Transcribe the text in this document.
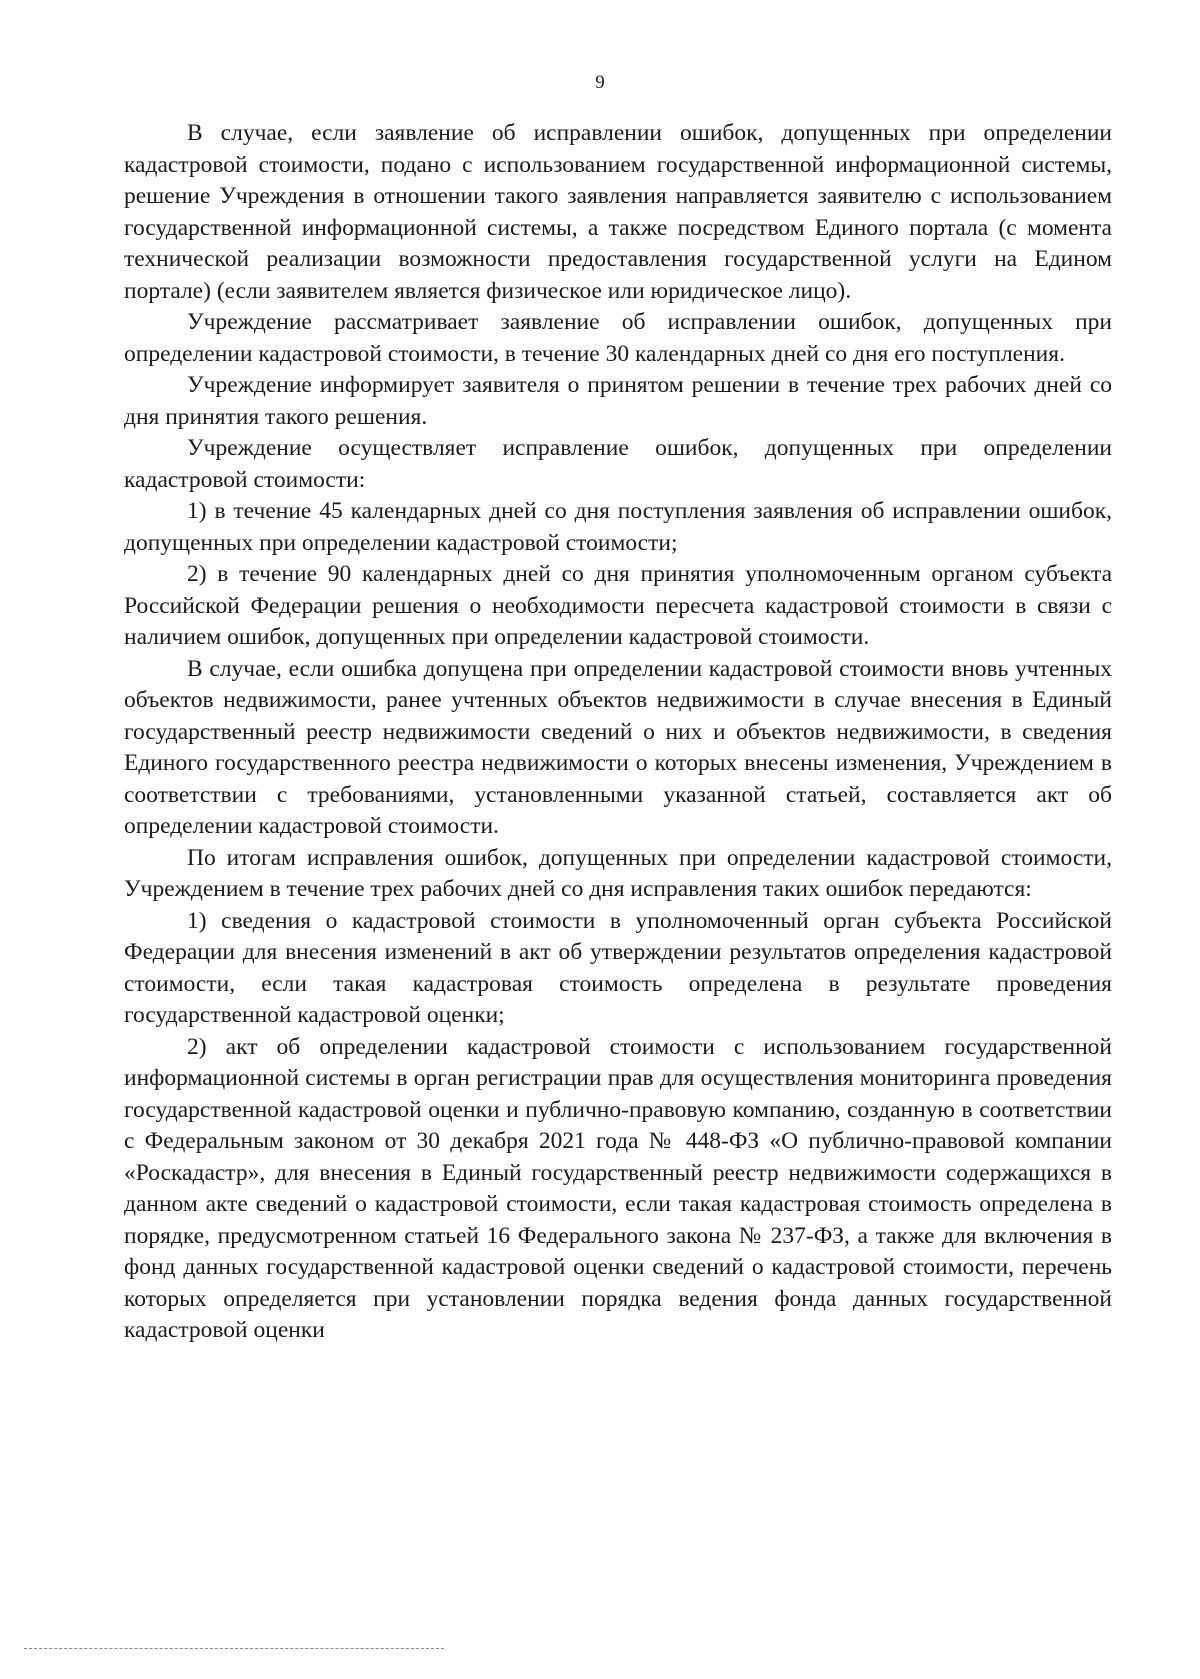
9

В случае, если заявление об исправлении ошибок, допущенных при определении кадастровой стоимости, подано с использованием государственной информационной системы, решение Учреждения в отношении такого заявления направляется заявителю с использованием государственной информационной системы, а также посредством Единого портала (с момента технической реализации возможности предоставления государственной услуги на Едином портале) (если заявителем является физическое или юридическое лицо).

Учреждение рассматривает заявление об исправлении ошибок, допущенных при определении кадастровой стоимости, в течение 30 календарных дней со дня его поступления.

Учреждение информирует заявителя о принятом решении в течение трех рабочих дней со дня принятия такого решения.

Учреждение осуществляет исправление ошибок, допущенных при определении кадастровой стоимости:

1) в течение 45 календарных дней со дня поступления заявления об исправлении ошибок, допущенных при определении кадастровой стоимости;

2) в течение 90 календарных дней со дня принятия уполномоченным органом субъекта Российской Федерации решения о необходимости пересчета кадастровой стоимости в связи с наличием ошибок, допущенных при определении кадастровой стоимости.

В случае, если ошибка допущена при определении кадастровой стоимости вновь учтенных объектов недвижимости, ранее учтенных объектов недвижимости в случае внесения в Единый государственный реестр недвижимости сведений о них и объектов недвижимости, в сведения Единого государственного реестра недвижимости о которых внесены изменения, Учреждением в соответствии с требованиями, установленными указанной статьей, составляется акт об определении кадастровой стоимости.

По итогам исправления ошибок, допущенных при определении кадастровой стоимости, Учреждением в течение трех рабочих дней со дня исправления таких ошибок передаются:

1) сведения о кадастровой стоимости в уполномоченный орган субъекта Российской Федерации для внесения изменений в акт об утверждении результатов определения кадастровой стоимости, если такая кадастровая стоимость определена в результате проведения государственной кадастровой оценки;

2) акт об определении кадастровой стоимости с использованием государственной информационной системы в орган регистрации прав для осуществления мониторинга проведения государственной кадастровой оценки и публично-правовую компанию, созданную в соответствии с Федеральным законом от 30 декабря 2021 года № 448-ФЗ «О публично-правовой компании «Роскадастр», для внесения в Единый государственный реестр недвижимости содержащихся в данном акте сведений о кадастровой стоимости, если такая кадастровая стоимость определена в порядке, предусмотренном статьей 16 Федерального закона № 237-ФЗ, а также для включения в фонд данных государственной кадастровой оценки сведений о кадастровой стоимости, перечень которых определяется при установлении порядка ведения фонда данных государственной кадастровой оценки
